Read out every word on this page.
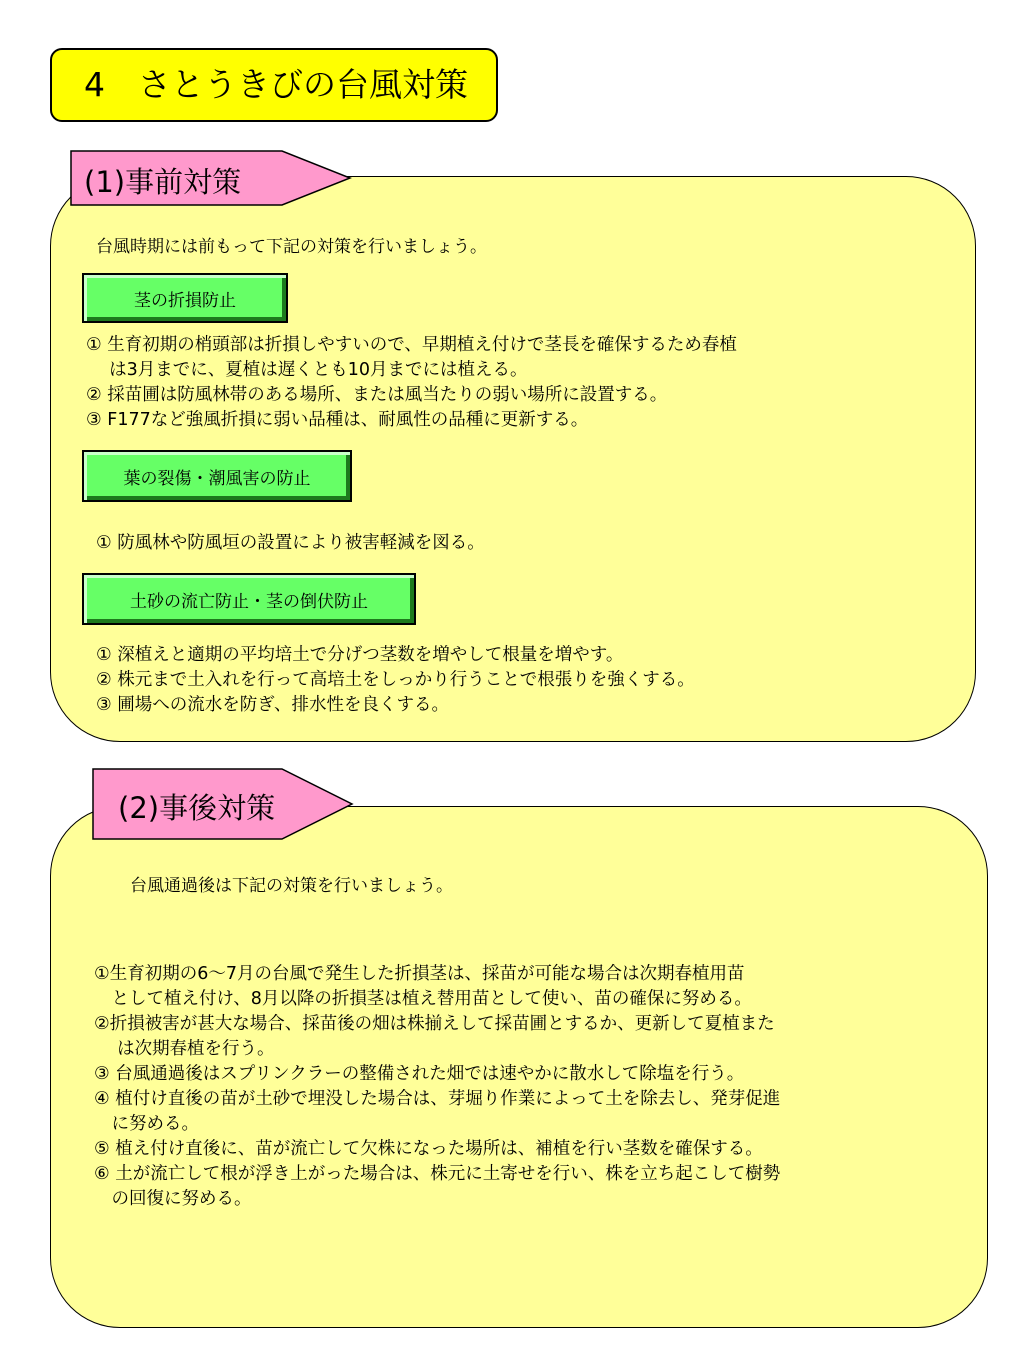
4　さとうきびの台風対策
(1)事前対策
台風時期には前もって下記の対策を行いましょう。
茎の折損防止

① 生育初期の梢頭部は折損しやすいので、早期植え付けで茎長を確保するため春植

　 は3月までに、夏植は遅くとも10月までには植える。

② 採苗圃は防風林帯のある場所、または風当たりの弱い場所に設置する。

③ F177など強風折損に弱い品種は、耐風性の品種に更新する。

葉の裂傷・潮風害の防止

① 防風林や防風垣の設置により被害軽減を図る。

土砂の流亡防止・茎の倒伏防止

① 深植えと適期の平均培土で分げつ茎数を増やして根量を増やす。

② 株元まで土入れを行って高培土をしっかり行うことで根張りを強くする。

③ 圃場への流水を防ぎ、排水性を良くする。

(2)事後対策
台風通過後は下記の対策を行いましょう。

①生育初期の6～7月の台風で発生した折損茎は、採苗が可能な場合は次期春植用苗

　として植え付け、8月以降の折損茎は植え替用苗として使い、苗の確保に努める。

②折損被害が甚大な場合、採苗後の畑は株揃えして採苗圃とするか、更新して夏植また

　 は次期春植を行う。

③ 台風通過後はスプリンクラーの整備された畑では速やかに散水して除塩を行う。

④ 植付け直後の苗が土砂で埋没した場合は、芽堀り作業によって土を除去し、発芽促進

　に努める。

⑤ 植え付け直後に、苗が流亡して欠株になった場所は、補植を行い茎数を確保する。

⑥ 土が流亡して根が浮き上がった場合は、株元に土寄せを行い、株を立ち起こして樹勢

　の回復に努める。
